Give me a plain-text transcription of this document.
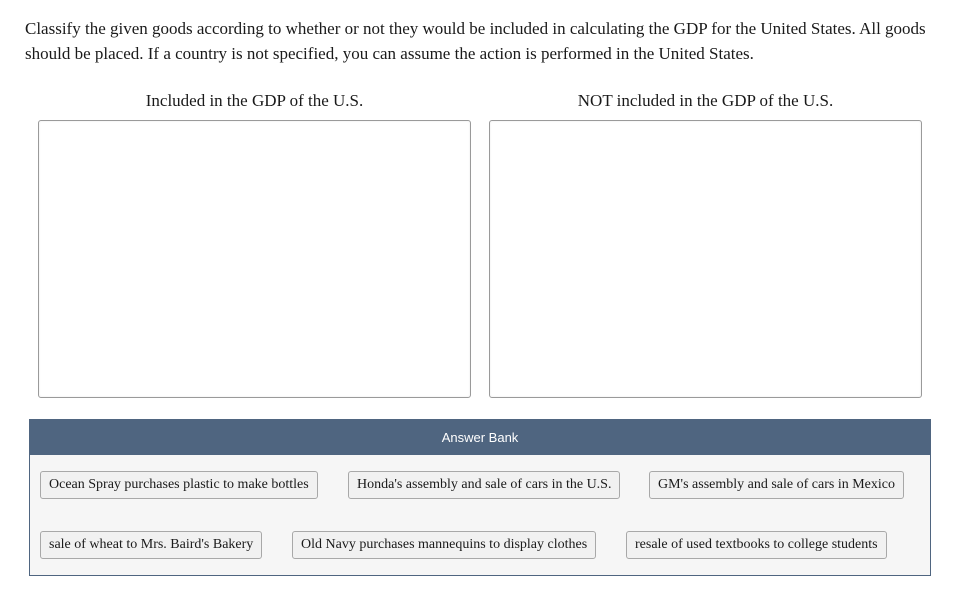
Classify the given goods according to whether or not they would be included in calculating the GDP for the United States. All goods should be placed. If a country is not specified, you can assume the action is performed in the United States.

Included in the GDP of the U.S.	NOT included in the GDP of the U.S.
Answer Bank
Ocean Spray purchases plastic to make bottles	Honda's assembly and sale of cars in the U.S.	GM's assembly and sale of cars in Mexico
sale of wheat to Mrs. Baird's Bakery	Old Navy purchases mannequins to display clothes	resale of used textbooks to college students
